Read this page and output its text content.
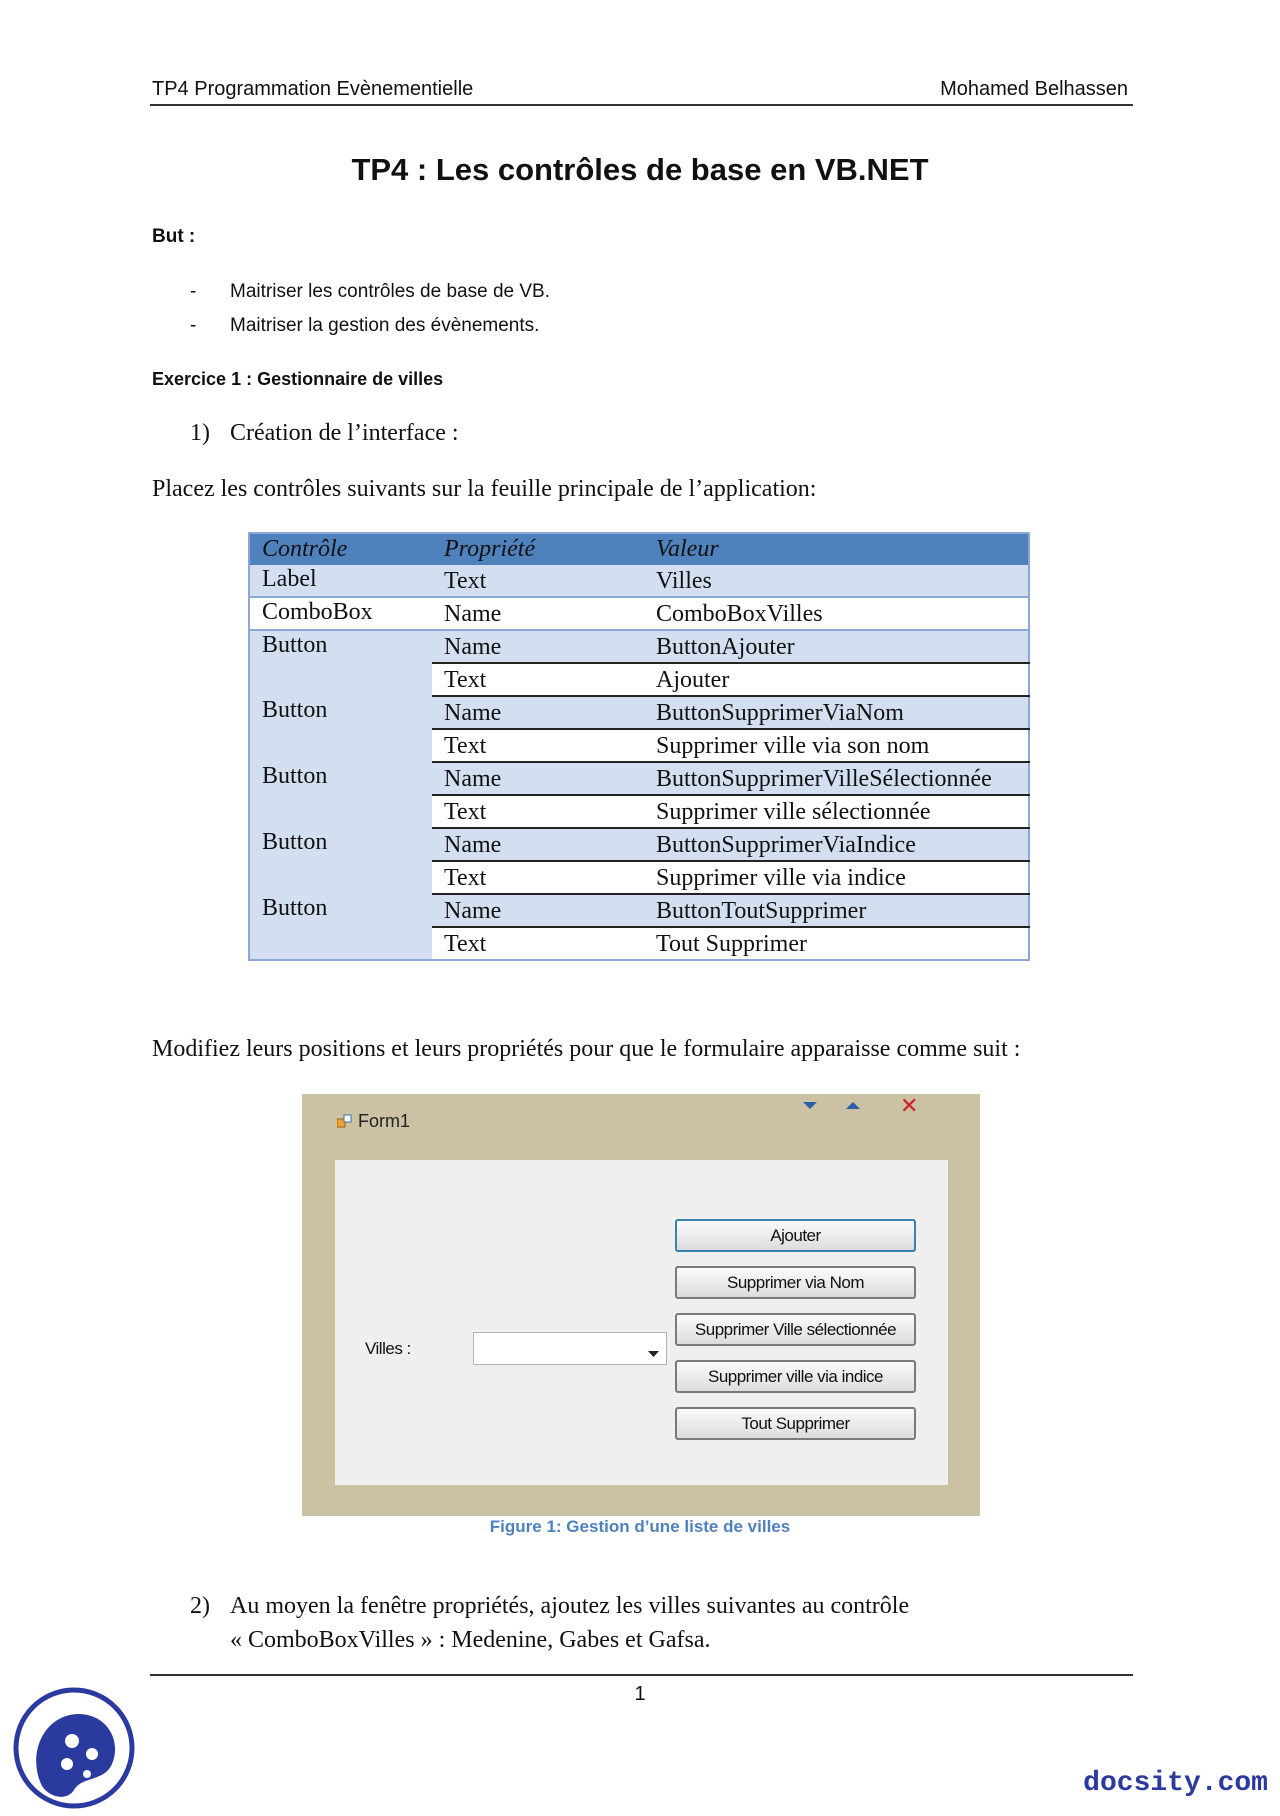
TP4 Programmation Evènementielle	Mohamed Belhassen
TP4 : Les contrôles de base en VB.NET
But :
- Maitriser les contrôles de base de VB.
- Maitriser la gestion des évènements.
Exercice 1 : Gestionnaire de villes
1) Création de l’interface :
Placez les contrôles suivants sur la feuille principale de l’application:
Contrôle	Propriété	Valeur
Label	Text	Villes
ComboBox	Name	ComboBoxVilles
Button	Name	ButtonAjouter
	Text	Ajouter
Button	Name	ButtonSupprimerViaNom
	Text	Supprimer ville via son nom
Button	Name	ButtonSupprimerVilleSélectionnée
	Text	Supprimer ville sélectionnée
Button	Name	ButtonSupprimerViaIndice
	Text	Supprimer ville via indice
Button	Name	ButtonToutSupprimer
	Text	Tout Supprimer
Modifiez leurs positions et leurs propriétés pour que le formulaire apparaisse comme suit :
Form1
✕
Villes :
Ajouter
Supprimer via Nom
Supprimer Ville sélectionnée
Supprimer ville via indice
Tout Supprimer
Figure 1: Gestion d’une liste de villes
2) Au moyen la fenêtre propriétés, ajoutez les villes suivantes au contrôle
« ComboBoxVilles » : Medenine, Gabes et Gafsa.
1
docsity.com
